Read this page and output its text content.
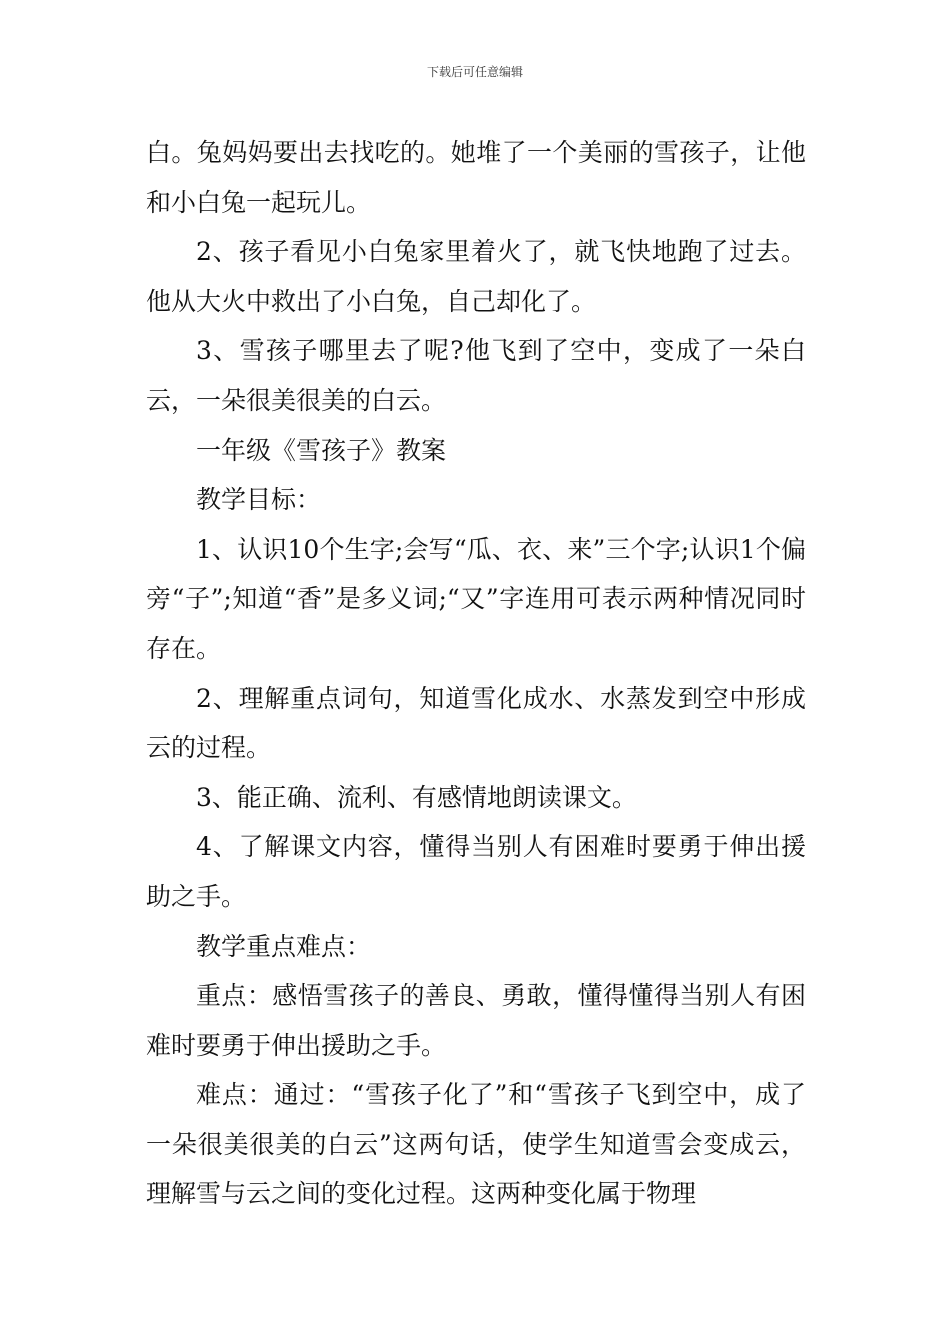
下载后可任意编辑

白。兔妈妈要出去找吃的。她堆了一个美丽的雪孩子，让他和小白兔一起玩儿。

2、孩子看见小白兔家里着火了，就飞快地跑了过去。他从大火中救出了小白兔，自己却化了。

3、雪孩子哪里去了呢?他飞到了空中，变成了一朵白云，一朵很美很美的白云。

一年级《雪孩子》教案

教学目标：

1、认识10个生字;会写“瓜、衣、来”三个字;认识1个偏旁“子”;知道“香”是多义词;“又”字连用可表示两种情况同时存在。

2、理解重点词句，知道雪化成水、水蒸发到空中形成云的过程。

3、能正确、流利、有感情地朗读课文。

4、了解课文内容，懂得当别人有困难时要勇于伸出援助之手。

教学重点难点：

重点：感悟雪孩子的善良、勇敢，懂得懂得当别人有困难时要勇于伸出援助之手。

难点：通过：“雪孩子化了”和“雪孩子飞到空中，成了一朵很美很美的白云”这两句话，使学生知道雪会变成云，理解雪与云之间的变化过程。这两种变化属于物理
